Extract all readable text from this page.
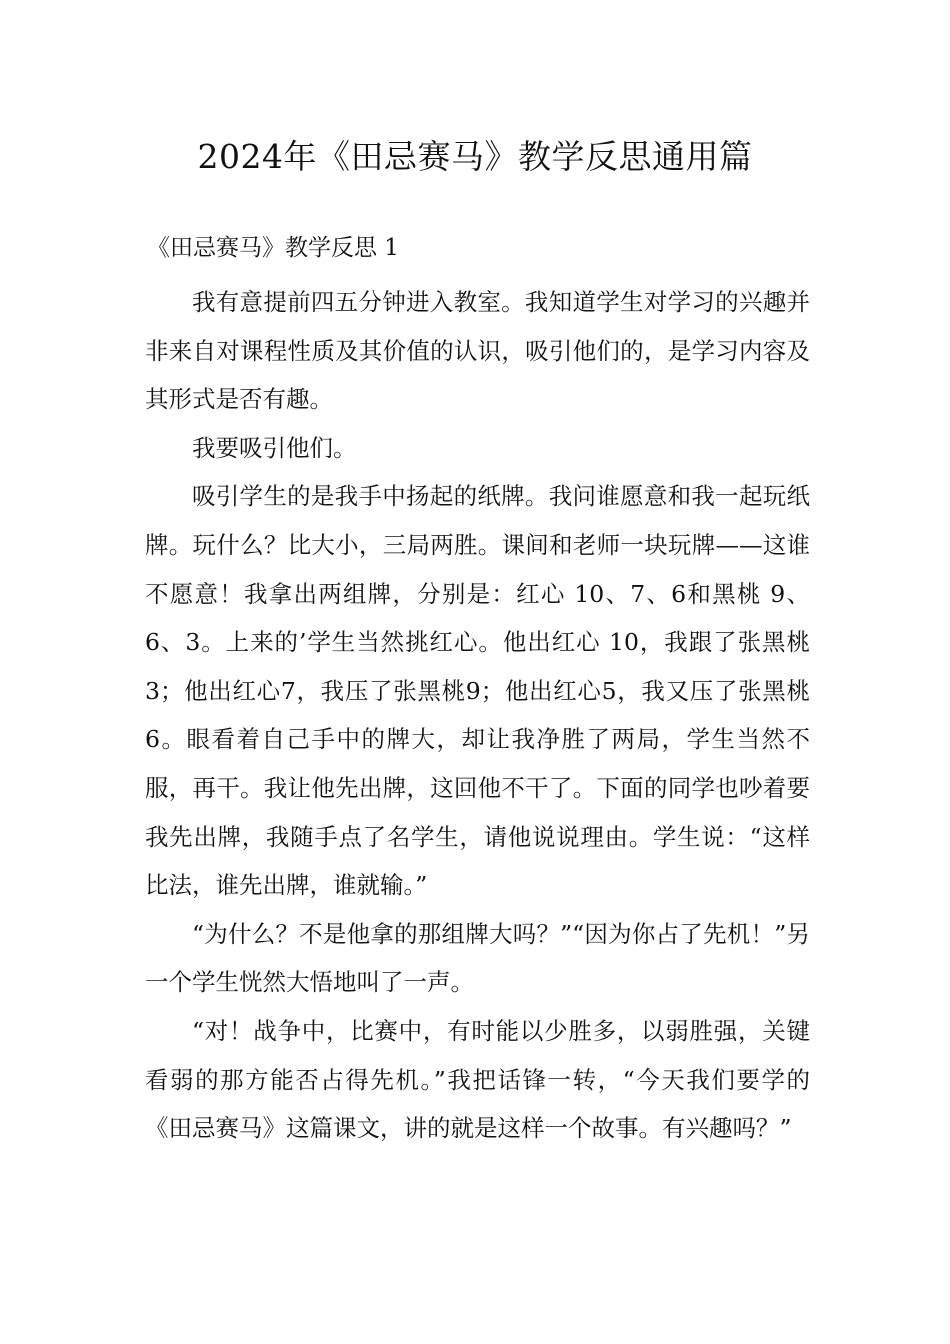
2024年《田忌赛马》教学反思通用篇
《田忌赛马》教学反思 1

我有意提前四五分钟进入教室。我知道学生对学习的兴趣并非来自对课程性质及其价值的认识，吸引他们的，是学习内容及其形式是否有趣。

我要吸引他们。

吸引学生的是我手中扬起的纸牌。我问谁愿意和我一起玩纸牌。玩什么？比大小，三局两胜。课间和老师一块玩牌——这谁不愿意！我拿出两组牌，分别是：红心 10、7、6和黑桃 9、6、3。上来的’学生当然挑红心。他出红心 10，我跟了张黑桃3；他出红心7，我压了张黑桃9；他出红心5，我又压了张黑桃 6。眼看着自己手中的牌大，却让我净胜了两局，学生当然不服，再干。我让他先出牌，这回他不干了。下面的同学也吵着要我先出牌，我随手点了名学生，请他说说理由。学生说：“这样比法，谁先出牌，谁就输。”

“为什么？不是他拿的那组牌大吗？”“因为你占了先机！”另一个学生恍然大悟地叫了一声。

“对！战争中，比赛中，有时能以少胜多，以弱胜强，关键看弱的那方能否占得先机。”我把话锋一转，“今天我们要学的《田忌赛马》这篇课文，讲的就是这样一个故事。有兴趣吗？”
